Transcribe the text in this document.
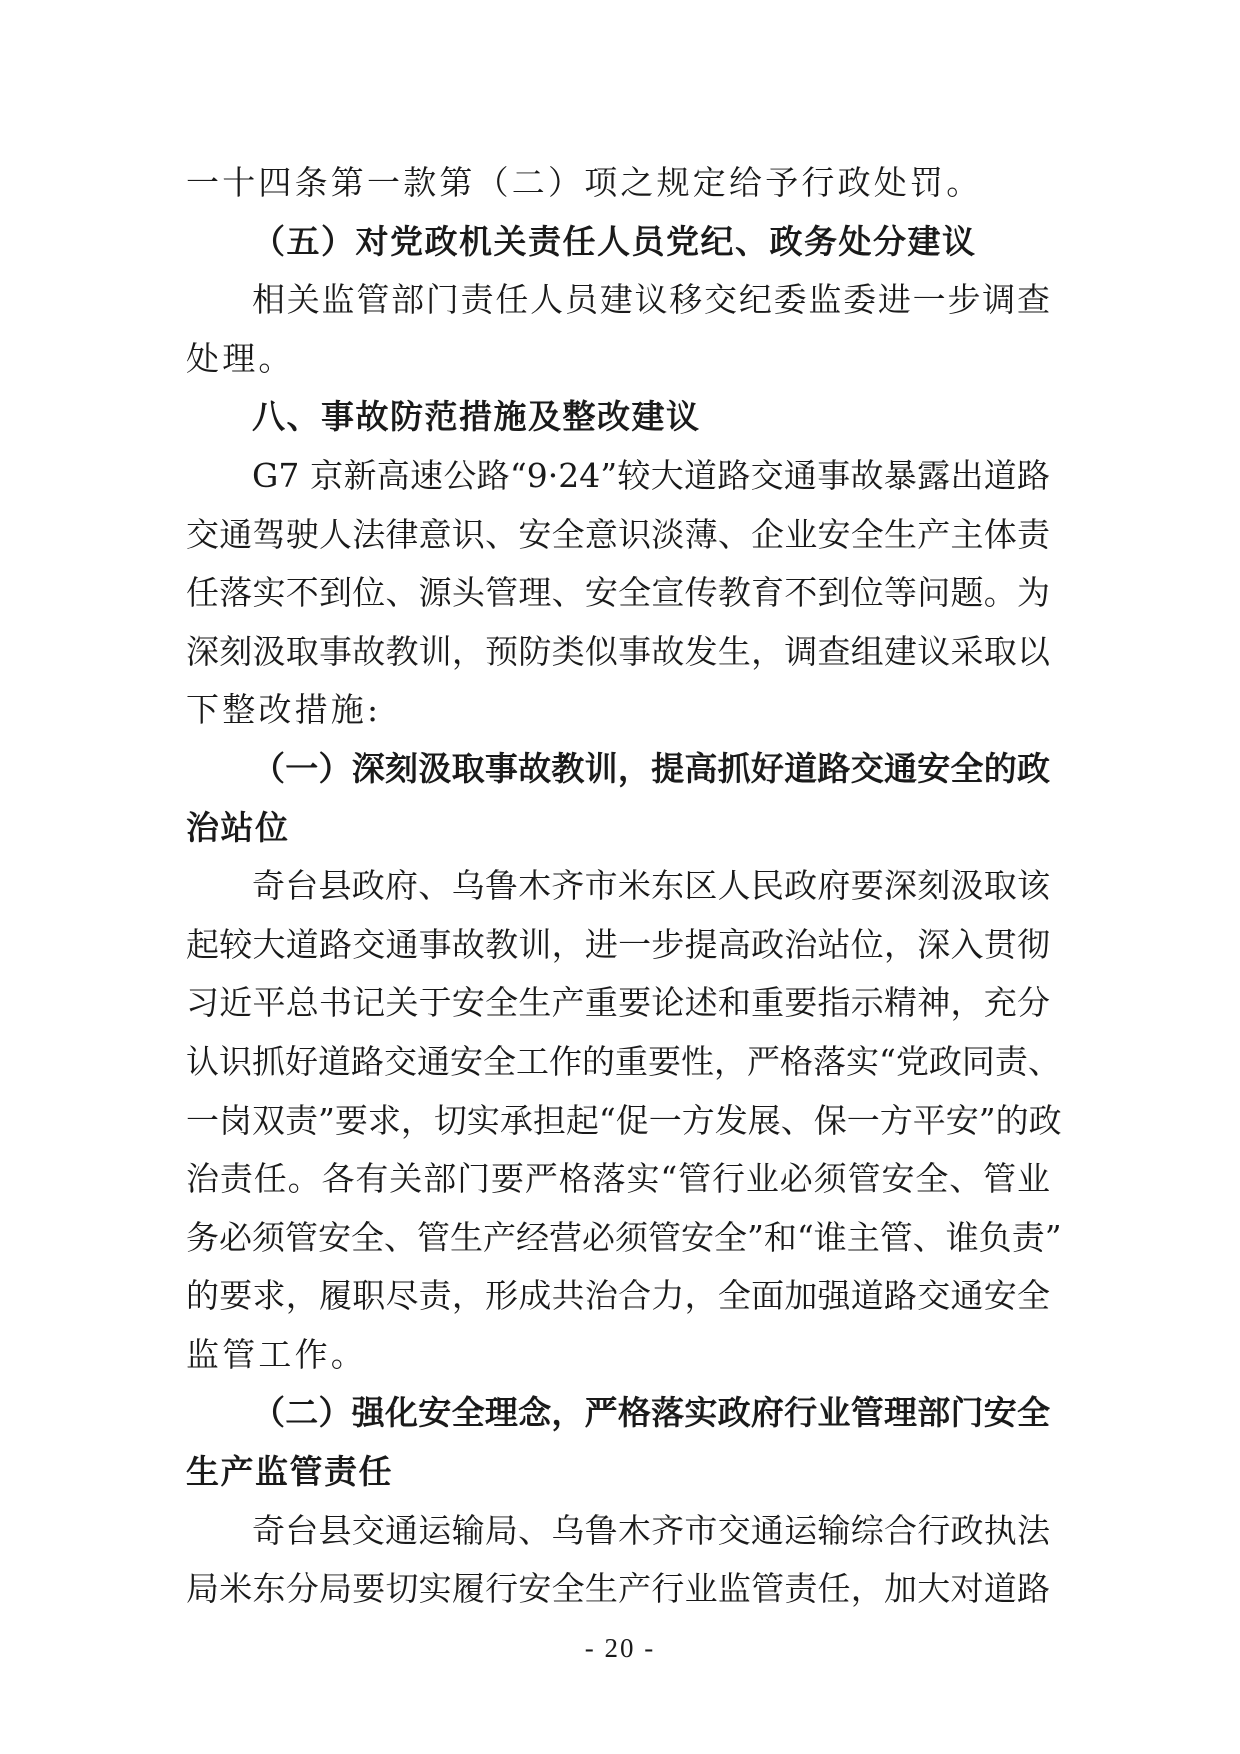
一十四条第一款第（二）项之规定给予行政处罚。
（五）对党政机关责任人员党纪、政务处分建议
相关监管部门责任人员建议移交纪委监委进一步调查
处理。
八、事故防范措施及整改建议
G7 京新高速公路“9·24”较大道路交通事故暴露出道路
交通驾驶人法律意识、安全意识淡薄、企业安全生产主体责
任落实不到位、源头管理、安全宣传教育不到位等问题。为
深刻汲取事故教训，预防类似事故发生，调查组建议采取以
下整改措施:
（一）深刻汲取事故教训，提高抓好道路交通安全的政
治站位
奇台县政府、乌鲁木齐市米东区人民政府要深刻汲取该
起较大道路交通事故教训，进一步提高政治站位，深入贯彻
习近平总书记关于安全生产重要论述和重要指示精神，充分
认识抓好道路交通安全工作的重要性，严格落实“党政同责、
一岗双责”要求，切实承担起“促一方发展、保一方平安”的政
治责任。各有关部门要严格落实“管行业必须管安全、管业
务必须管安全、管生产经营必须管安全”和“谁主管、谁负责”
的要求，履职尽责，形成共治合力，全面加强道路交通安全
监管工作。
（二）强化安全理念，严格落实政府行业管理部门安全
生产监管责任
奇台县交通运输局、乌鲁木齐市交通运输综合行政执法
局米东分局要切实履行安全生产行业监管责任，加大对道路
- 20 -
